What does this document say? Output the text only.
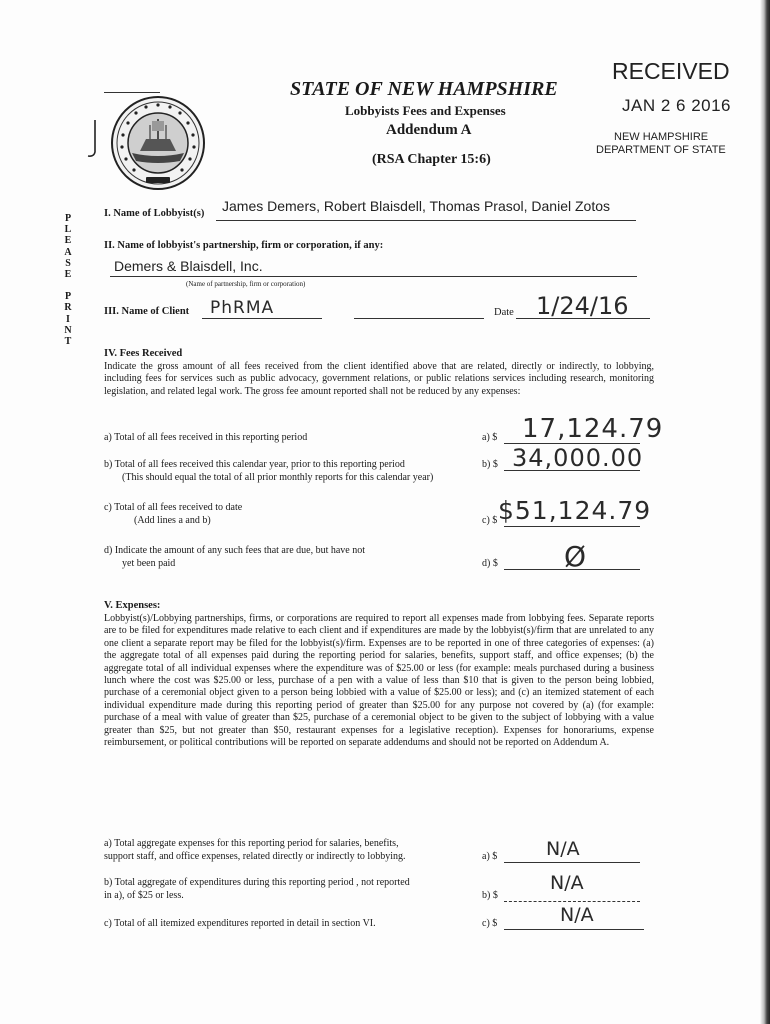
STATE OF NEW HAMPSHIRE
Lobbyists Fees and Expenses
Addendum A
(RSA Chapter 15:6)
RECEIVED
JAN 2 6 2016
NEW HAMPSHIRE
DEPARTMENT OF STATE
P
L
E
A
S
E
P
R
I
N
T
I. Name of Lobbyist(s) James Demers, Robert Blaisdell, Thomas Prasol, Daniel Zotos
II. Name of lobbyist's partnership, firm or corporation, if any:
Demers & Blaisdell, Inc.
(Name of partnership, firm or corporation)
III. Name of Client PhRMA	Date 1/24/16
IV. Fees Received
Indicate the gross amount of all fees received from the client identified above that are related, directly or indirectly, to lobbying, including fees for services such as public advocacy, government relations, or public relations services including research, monitoring legislation, and related legal work. The gross fee amount reported shall not be reduced by any expenses:
a) Total of all fees received in this reporting period	a) $ 17,124.79
b) Total of all fees received this calendar year, prior to this reporting period
(This should equal the total of all prior monthly reports for this calendar year)
b) $ 34,000.00
c) Total of all fees received to date
(Add lines a and b)	c) $ $51,124.79
d) Indicate the amount of any such fees that are due, but have not
yet been paid	d) $ Ø
V. Expenses:
Lobbyist(s)/Lobbying partnerships, firms, or corporations are required to report all expenses made from lobbying fees. Separate reports are to be filed for expenditures made relative to each client and if expenditures are made by the lobbyist(s)/firm that are unrelated to any one client a separate report may be filed for the lobbyist(s)/firm. Expenses are to be reported in one of three categories of expenses: (a) the aggregate total of all expenses paid during the reporting period for salaries, benefits, support staff, and office expenses; (b) the aggregate total of all individual expenses where the expenditure was of $25.00 or less (for example: meals purchased during a business lunch where the cost was $25.00 or less, purchase of a pen with a value of less than $10 that is given to the person being lobbied, purchase of a ceremonial object given to a person being lobbied with a value of $25.00 or less); and (c) an itemized statement of each individual expenditure made during this reporting period of greater than $25.00 for any purpose not covered by (a) (for example: purchase of a meal with value of greater than $25, purchase of a ceremonial object to be given to the subject of lobbying with a value greater than $25, but not greater than $50, restaurant expenses for a legislative reception). Expenses for honorariums, expense reimbursement, or political contributions will be reported on separate addendums and should not be reported on Addendum A.
a) Total aggregate expenses for this reporting period for salaries, benefits,
support staff, and office expenses, related directly or indirectly to lobbying.	a) $	N/A
b) Total aggregate of expenditures during this reporting period , not reported
in a), of $25 or less.	b) $
N/A
c) Total of all itemized expenditures reported in detail in section VI.	c) $	N/A
